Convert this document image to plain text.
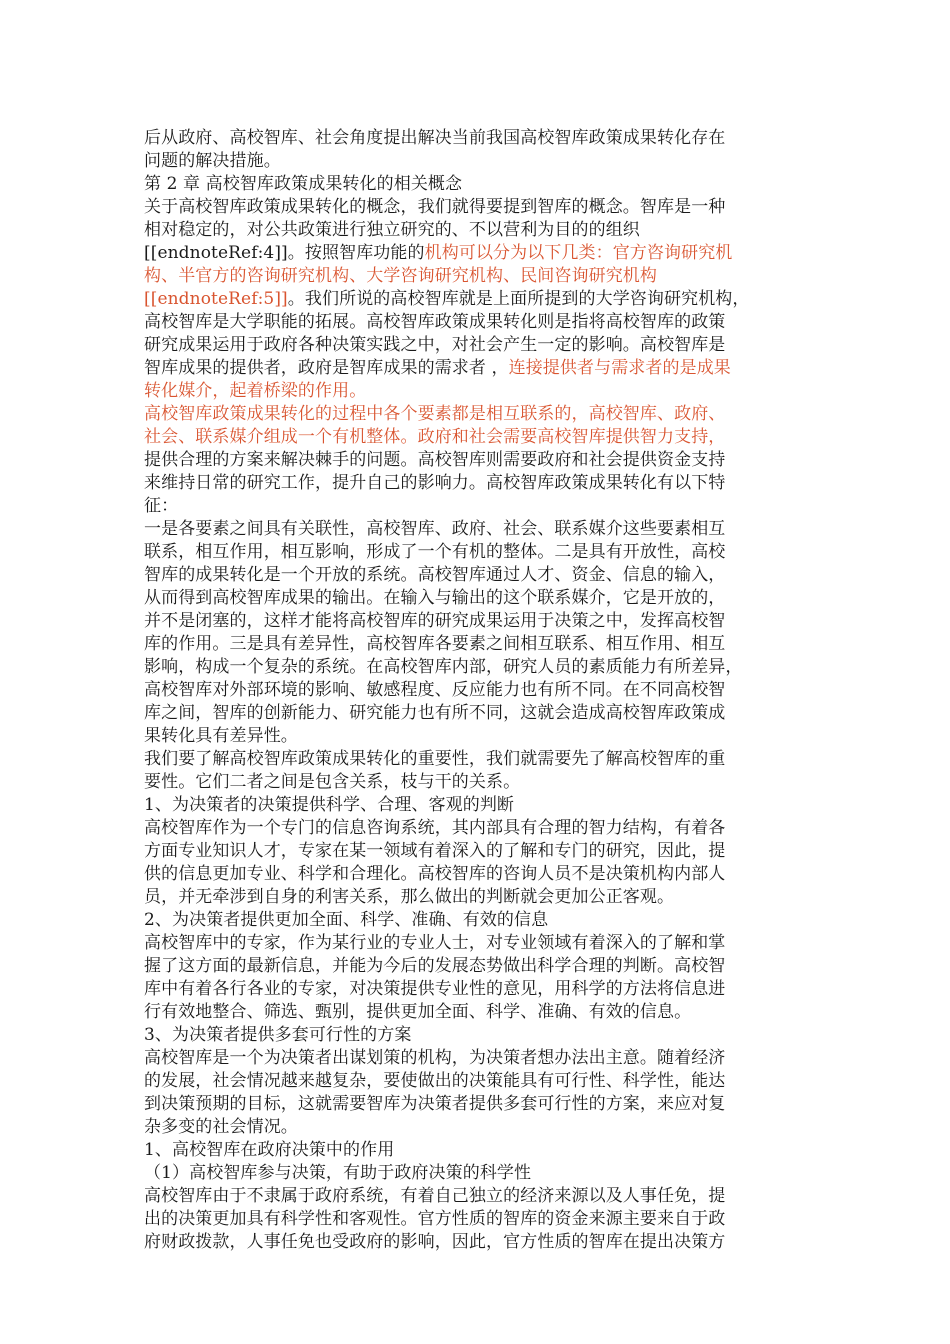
后从政府、高校智库、社会角度提出解决当前我国高校智库政策成果转化存在
问题的解决措施。
第 2 章 高校智库政策成果转化的相关概念
关于高校智库政策成果转化的概念，我们就得要提到智库的概念。智库是一种
相对稳定的，对公共政策进行独立研究的、不以营利为目的的组织
[[endnoteRef:4]]。按照智库功能的机构可以分为以下几类：官方咨询研究机
构、半官方的咨询研究机构、大学咨询研究机构、民间咨询研究机构
[[endnoteRef:5]]。我们所说的高校智库就是上面所提到的大学咨询研究机构，
高校智库是大学职能的拓展。高校智库政策成果转化则是指将高校智库的政策
研究成果运用于政府各种决策实践之中，对社会产生一定的影响。高校智库是
智库成果的提供者，政府是智库成果的需求者 ，连接提供者与需求者的是成果
转化媒介，起着桥梁的作用。
高校智库政策成果转化的过程中各个要素都是相互联系的，高校智库、政府、
社会、联系媒介组成一个有机整体。政府和社会需要高校智库提供智力支持，
提供合理的方案来解决棘手的问题。高校智库则需要政府和社会提供资金支持
来维持日常的研究工作，提升自己的影响力。高校智库政策成果转化有以下特
征：
一是各要素之间具有关联性，高校智库、政府、社会、联系媒介这些要素相互
联系，相互作用，相互影响，形成了一个有机的整体。二是具有开放性，高校
智库的成果转化是一个开放的系统。高校智库通过人才、资金、信息的输入，
从而得到高校智库成果的输出。在输入与输出的这个联系媒介，它是开放的，
并不是闭塞的，这样才能将高校智库的研究成果运用于决策之中，发挥高校智
库的作用。三是具有差异性，高校智库各要素之间相互联系、相互作用、相互
影响，构成一个复杂的系统。在高校智库内部，研究人员的素质能力有所差异，
高校智库对外部环境的影响、敏感程度、反应能力也有所不同。在不同高校智
库之间，智库的创新能力、研究能力也有所不同，这就会造成高校智库政策成
果转化具有差异性。
我们要了解高校智库政策成果转化的重要性，我们就需要先了解高校智库的重
要性。它们二者之间是包含关系，枝与干的关系。
1、为决策者的决策提供科学、合理、客观的判断
高校智库作为一个专门的信息咨询系统，其内部具有合理的智力结构，有着各
方面专业知识人才，专家在某一领域有着深入的了解和专门的研究，因此，提
供的信息更加专业、科学和合理化。高校智库的咨询人员不是决策机构内部人
员，并无牵涉到自身的利害关系，那么做出的判断就会更加公正客观。
2、为决策者提供更加全面、科学、准确、有效的信息
高校智库中的专家，作为某行业的专业人士，对专业领域有着深入的了解和掌
握了这方面的最新信息，并能为今后的发展态势做出科学合理的判断。高校智
库中有着各行各业的专家，对决策提供专业性的意见，用科学的方法将信息进
行有效地整合、筛选、甄别，提供更加全面、科学、准确、有效的信息。
3、为决策者提供多套可行性的方案
高校智库是一个为决策者出谋划策的机构，为决策者想办法出主意。随着经济
的发展，社会情况越来越复杂，要使做出的决策能具有可行性、科学性，能达
到决策预期的目标，这就需要智库为决策者提供多套可行性的方案，来应对复
杂多变的社会情况。
1、高校智库在政府决策中的作用
（1）高校智库参与决策，有助于政府决策的科学性
高校智库由于不隶属于政府系统，有着自己独立的经济来源以及人事任免，提
出的决策更加具有科学性和客观性。官方性质的智库的资金来源主要来自于政
府财政拨款，人事任免也受政府的影响，因此，官方性质的智库在提出决策方
